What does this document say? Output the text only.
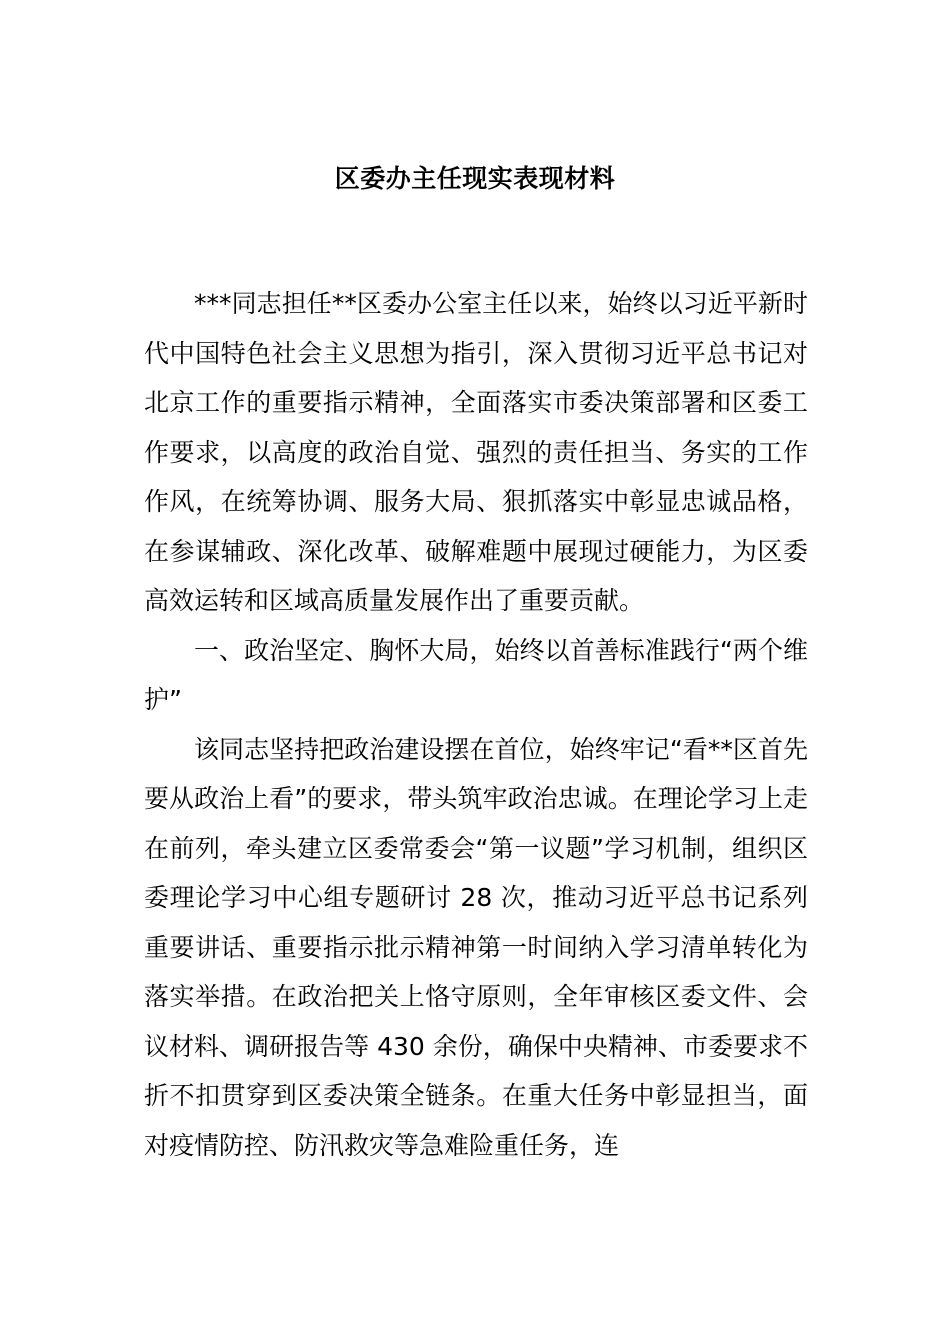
区委办主任现实表现材料

***同志担任**区委办公室主任以来，始终以习近平新时代中国特色社会主义思想为指引，深入贯彻习近平总书记对北京工作的重要指示精神，全面落实市委决策部署和区委工作要求，以高度的政治自觉、强烈的责任担当、务实的工作作风，在统筹协调、服务大局、狠抓落实中彰显忠诚品格，在参谋辅政、深化改革、破解难题中展现过硬能力，为区委高效运转和区域高质量发展作出了重要贡献。

一、政治坚定、胸怀大局，始终以首善标准践行“两个维护”

该同志坚持把政治建设摆在首位，始终牢记“看**区首先要从政治上看”的要求，带头筑牢政治忠诚。在理论学习上走在前列，牵头建立区委常委会“第一议题”学习机制，组织区委理论学习中心组专题研讨 28 次，推动习近平总书记系列重要讲话、重要指示批示精神第一时间纳入学习清单转化为落实举措。在政治把关上恪守原则，全年审核区委文件、会议材料、调研报告等 430 余份，确保中央精神、市委要求不折不扣贯穿到区委决策全链条。在重大任务中彰显担当，面对疫情防控、防汛救灾等急难险重任务，连
